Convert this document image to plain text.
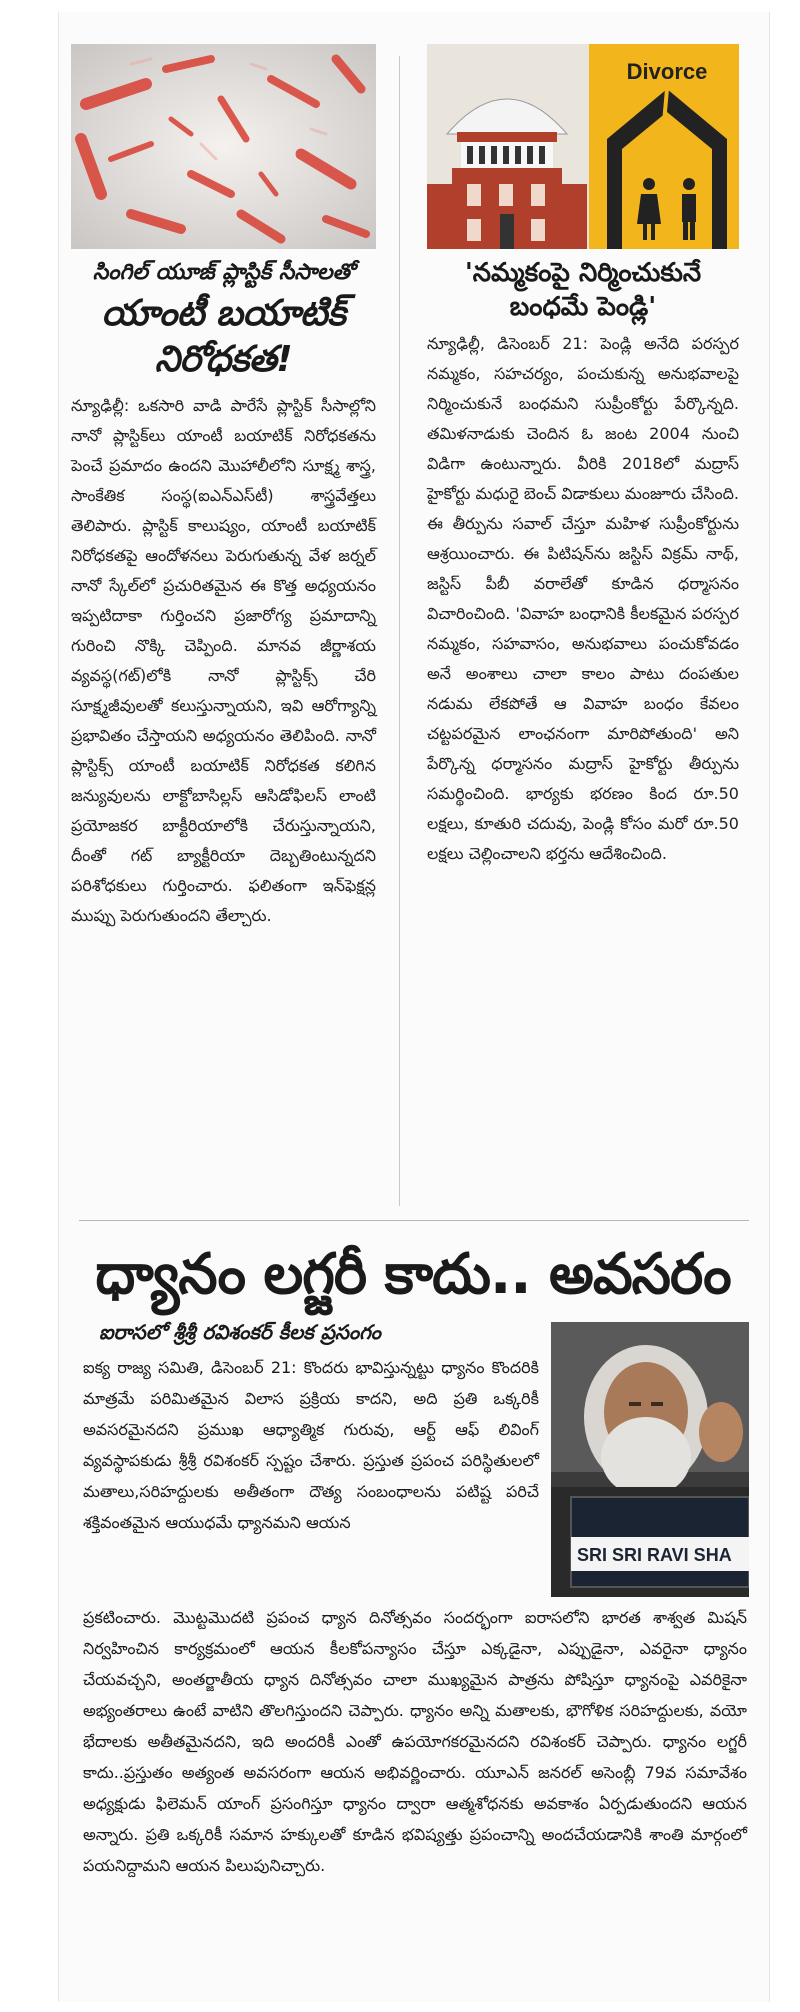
సింగిల్ యూజ్ ప్లాస్టిక్ సీసాలతో
యాంటీ బయాటిక్ నిరోధకత!
న్యూఢిల్లీ: ఒకసారి వాడి పారేసే ప్లాస్టిక్ సీసాల్లోని నానో ప్లాస్టిక్‌లు యాంటీ బయాటిక్ నిరోధకతను పెంచే ప్రమాదం ఉందని మొహాలీలోని సూక్ష్మ శాస్త్ర, సాంకేతిక సంస్థ(ఐఎన్ఎస్‌టీ) శాస్త్రవేత్తలు తెలిపారు. ప్లాస్టిక్ కాలుష్యం, యాంటీ బయాటిక్ నిరోధకతపై ఆందోళనలు పెరుగుతున్న వేళ జర్నల్ నానో స్కేల్‌లో ప్రచురితమైన ఈ కొత్త అధ్యయనం ఇప్పటిదాకా గుర్తించని ప్రజారోగ్య ప్రమాదాన్ని గురించి నొక్కి చెప్పింది. మానవ జీర్ణాశయ వ్యవస్థ(గట్)లోకి నానో ప్లాస్టిక్స్ చేరి సూక్ష్మజీవులతో కలుస్తున్నాయని, ఇవి ఆరోగ్యాన్ని ప్రభావితం చేస్తాయని అధ్యయనం తెలిపింది. నానో ప్లాస్టిక్స్ యాంటీ బయాటిక్ నిరోధకత కలిగిన జన్యువులను లాక్టోబాసిల్లస్ ఆసిడోఫిలస్ లాంటి ప్రయోజకర బాక్టీరియాలోకి చేరుస్తున్నాయని, దీంతో గట్ బ్యాక్టీరియా దెబ్బతింటున్నదని పరిశోధకులు గుర్తించారు. ఫలితంగా ఇన్‌ఫెక్షన్ల ముప్పు పెరుగుతుందని తేల్చారు.
Divorce
'నమ్మకంపై నిర్మించుకునే
బంధమే పెండ్లి'
న్యూఢిల్లీ, డిసెంబర్ 21: పెండ్లి అనేది పరస్పర నమ్మకం, సహచర్యం, పంచుకున్న అనుభవాలపై నిర్మించుకునే బంధమని సుప్రీంకోర్టు పేర్కొన్నది. తమిళనాడుకు చెందిన ఓ జంట 2004 నుంచి విడిగా ఉంటున్నారు. వీరికి 2018లో మద్రాస్ హైకోర్టు మధురై బెంచ్ విడాకులు మంజూరు చేసింది. ఈ తీర్పును సవాల్ చేస్తూ మహిళ సుప్రీంకోర్టును ఆశ్రయించారు. ఈ పిటిషన్‌ను జస్టిస్ విక్రమ్ నాథ్, జస్టిస్ పీబీ వరాలేతో కూడిన ధర్మాసనం విచారించింది. 'వివాహ బంధానికి కీలకమైన పరస్పర నమ్మకం, సహవాసం, అనుభవాలు పంచుకోవడం అనే అంశాలు చాలా కాలం పాటు దంపతుల నడుమ లేకపోతే ఆ వివాహ బంధం కేవలం చట్టపరమైన లాంఛనంగా మారిపోతుంది' అని పేర్కొన్న ధర్మాసనం మద్రాస్ హైకోర్టు తీర్పును సమర్థించింది. భార్యకు భరణం కింద రూ.50 లక్షలు, కూతురి చదువు, పెండ్లి కోసం మరో రూ.50 లక్షలు చెల్లించాలని భర్తను ఆదేశించింది.
ధ్యానం లగ్జరీ కాదు.. అవసరం
ఐరాసలో శ్రీశ్రీ రవిశంకర్ కీలక ప్రసంగం
SRI SRI RAVI SHA
ఐక్య రాజ్య సమితి, డిసెంబర్ 21: కొందరు భావిస్తున్నట్టు ధ్యానం కొందరికి మాత్రమే పరిమితమైన విలాస ప్రక్రియ కాదని, అది ప్రతి ఒక్కరికీ అవసరమైనదని ప్రముఖ ఆధ్యాత్మిక గురువు, ఆర్ట్ ఆఫ్ లివింగ్ వ్యవస్థాపకుడు శ్రీశ్రీ రవిశంకర్ స్పష్టం చేశారు. ప్రస్తుత ప్రపంచ పరిస్థితులలో మతాలు,సరిహద్దులకు అతీతంగా దౌత్య సంబంధాలను పటిష్ట పరిచే శక్తివంతమైన ఆయుధమే ధ్యానమని ఆయన
ప్రకటించారు. మొట్టమొదటి ప్రపంచ ధ్యాన దినోత్సవం సందర్భంగా ఐరాసలోని భారత శాశ్వత మిషన్ నిర్వహించిన కార్యక్రమంలో ఆయన కీలకోపన్యాసం చేస్తూ ఎక్కడైనా, ఎప్పుడైనా, ఎవరైనా ధ్యానం చేయవచ్చని, అంతర్జాతీయ ధ్యాన దినోత్సవం చాలా ముఖ్యమైన పాత్రను పోషిస్తూ ధ్యానంపై ఎవరికైనా అభ్యంతరాలు ఉంటే వాటిని తొలగిస్తుందని చెప్పారు. ధ్యానం అన్ని మతాలకు, భౌగోళిక సరిహద్దులకు, వయో భేదాలకు అతీతమైనదని, ఇది అందరికీ ఎంతో ఉపయోగకరమైనదని రవిశంకర్ చెప్పారు. ధ్యానం లగ్జరీ కాదు..ప్రస్తుతం అత్యంత అవసరంగా ఆయన అభివర్ణించారు. యూఎన్ జనరల్ అసెంబ్లీ 79వ సమావేశం అధ్యక్షుడు ఫిలెమన్ యాంగ్ ప్రసంగిస్తూ ధ్యానం ద్వారా ఆత్మశోధనకు అవకాశం ఏర్పడుతుందని ఆయన అన్నారు. ప్రతి ఒక్కరికీ సమాన హక్కులతో కూడిన భవిష్యత్తు ప్రపంచాన్ని అందచేయడానికి శాంతి మార్గంలో పయనిద్దామని ఆయన పిలుపునిచ్చారు.
